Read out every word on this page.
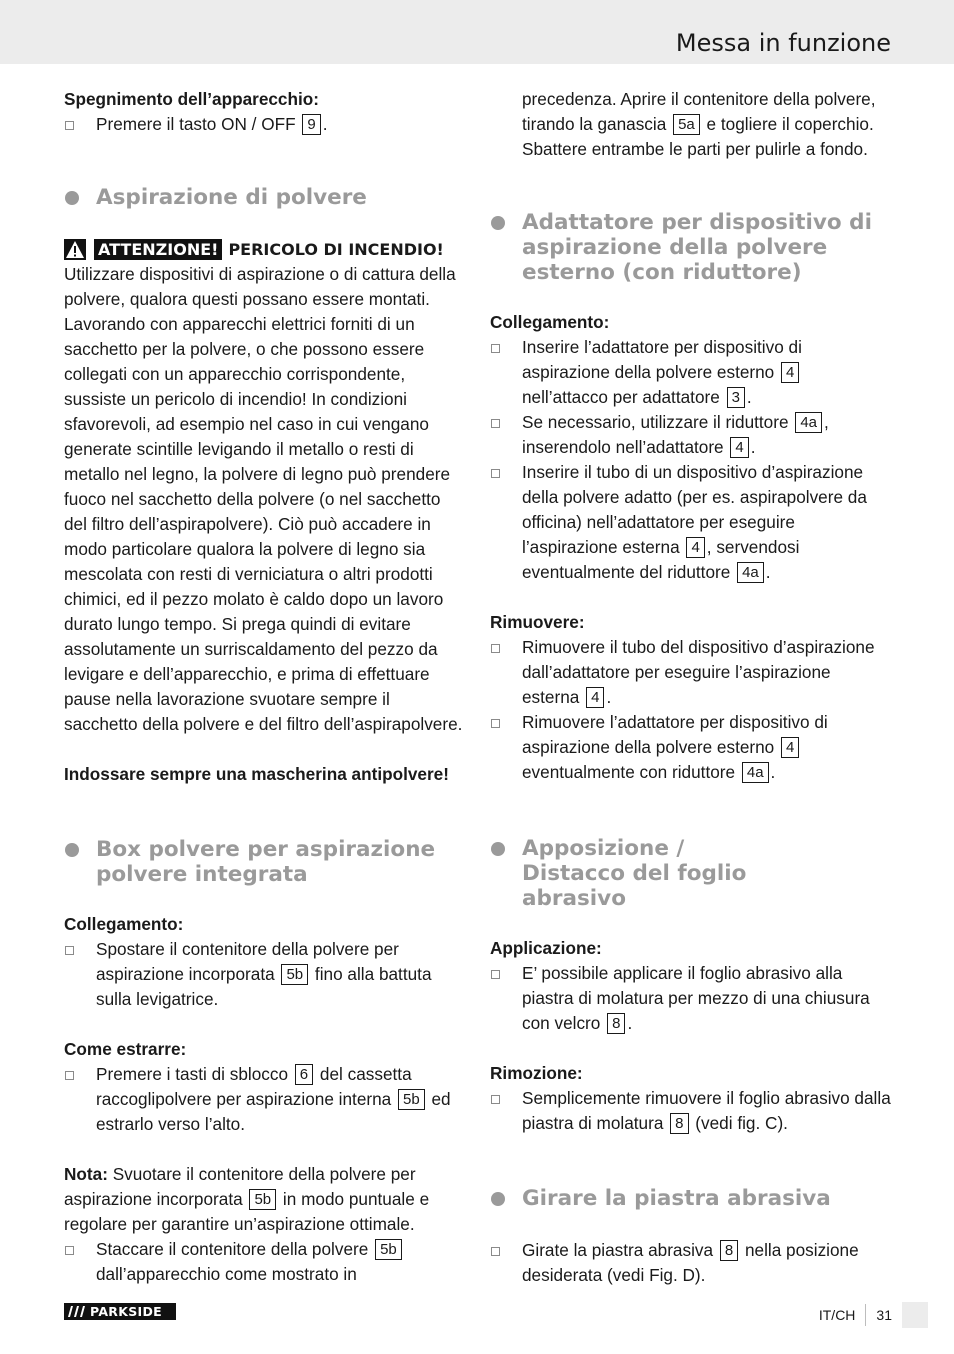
Messa in funzione

Spegnimento dell’apparecchio:

Premere il tasto ON / OFF 9 .
Aspirazione di polvere
ATTENZIONE! PERICOLO DI INCENDIO!

Utilizzare dispositivi di aspirazione o di cattura della polvere, qualora questi possano essere montati. Lavorando con apparecchi elettrici forniti di un sacchetto per la polvere, o che possono essere collegati con un apparecchio corrispondente, sussiste un pericolo di incendio! In condizioni sfavorevoli, ad esempio nel caso in cui vengano generate scintille levigando il metallo o resti di metallo nel legno, la polvere di legno può prendere fuoco nel sacchetto della polvere (o nel sacchetto del filtro dell’aspirapolvere). Ciò può accadere in modo particolare qualora la polvere di legno sia mescolata con resti di verniciatura o altri prodotti chimici, ed il pezzo molato è caldo dopo un lavoro durato lungo tempo. Si prega quindi di evitare assolutamente un surriscaldamento del pezzo da levigare e dell’apparecchio, e prima di effettuare pause nella lavorazione svuotare sempre il sacchetto della polvere e del filtro dell’aspirapolvere.

Indossare sempre una mascherina antipolvere!

Box polvere per aspirazione polvere integrata

Collegamento:

Spostare il contenitore della polvere per aspirazione incorporata 5b fino alla battuta sulla levigatrice.

Come estrarre:

Premere i tasti di sblocco 6 del cassetta raccoglipolvere per aspirazione interna 5b ed estrarlo verso l’alto.

Nota: Svuotare il contenitore della polvere per aspirazione incorporata 5b in modo puntuale e regolare per garantire un’aspirazione ottimale.

Staccare il contenitore della polvere 5b dall’apparecchio come mostrato in

precedenza. Aprire il contenitore della polvere, tirando la ganascia 5a e togliere il coperchio. Sbattere entrambe le parti per pulirle a fondo.

Adattatore per dispositivo di aspirazione della polvere esterno (con riduttore)

Collegamento:

Inserire l’adattatore per dispositivo di aspirazione della polvere esterno 4 nell’attacco per adattatore 3 .
Se necessario, utilizzare il riduttore 4a , inserendolo nell’adattatore 4 .
Inserire il tubo di un dispositivo d’aspirazione della polvere adatto (per es. aspirapolvere da officina) nell’adattatore per eseguire l’aspirazione esterna 4 , servendosi eventualmente del riduttore 4a .

Rimuovere:

Rimuovere il tubo del dispositivo d’aspirazione dall’adattatore per eseguire l’aspirazione esterna 4 .
Rimuovere l’adattatore per dispositivo di aspirazione della polvere esterno 4 eventualmente con riduttore 4a .
Apposizione / Distacco del foglio abrasivo

Applicazione:

E’ possibile applicare il foglio abrasivo alla piastra di molatura per mezzo di una chiusura con velcro 8 .

Rimozione:

Semplicemente rimuovere il foglio abrasivo dalla piastra di molatura 8 (vedi fig. C).
Girare la piastra abrasiva
Girate la piastra abrasiva 8 nella posizione desiderata (vedi Fig. D).
PARKSIDE	IT/CH	31
